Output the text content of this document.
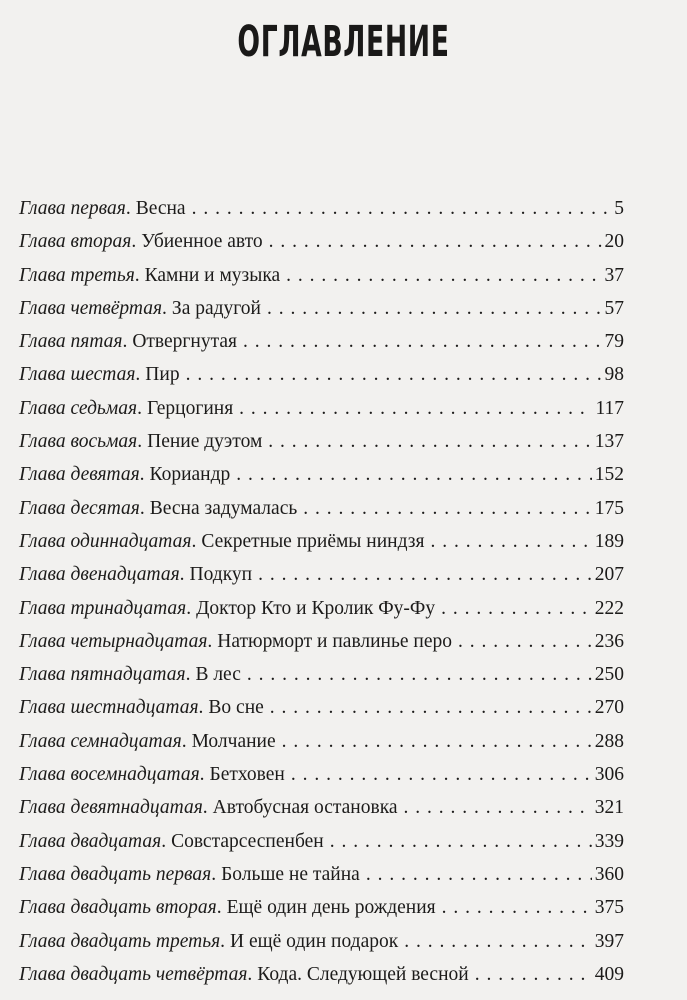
ОГЛАВЛЕНИЕ
Глава первая . Весна . . .	5
Глава вторая . Убиенное авто . . .	20
Глава третья . Камни и музыка . . .	37
Глава четвёртая . За радугой . . .	57
Глава пятая . Отвергнутая . . .	79
Глава шестая . Пир . . .	98
Глава седьмая . Герцогиня . . .	117
Глава восьмая . Пение дуэтом . . .	137
Глава девятая . Кориандр . . .	152
Глава десятая . Весна задумалась . . .	175
Глава одиннадцатая . Секретные приёмы ниндзя . . .	189
Глава двенадцатая . Подкуп . . .	207
Глава тринадцатая . Доктор Кто и Кролик Фу-Фу . . .	222
Глава четырнадцатая . Натюрморт и павлинье перо . . .	236
Глава пятнадцатая . В лес . . .	250
Глава шестнадцатая . Во сне . . .	270
Глава семнадцатая . Молчание . . .	288
Глава восемнадцатая . Бетховен . . .	306
Глава девятнадцатая . Автобусная остановка . . .	321
Глава двадцатая . Совстарсеспенбен . . .	339
Глава двадцать первая . Больше не тайна . . .	360
Глава двадцать вторая . Ещё один день рождения . . .	375
Глава двадцать третья . И ещё один подарок . . .	397
Глава двадцать четвёртая . Кода. Следующей весной . . .	409
